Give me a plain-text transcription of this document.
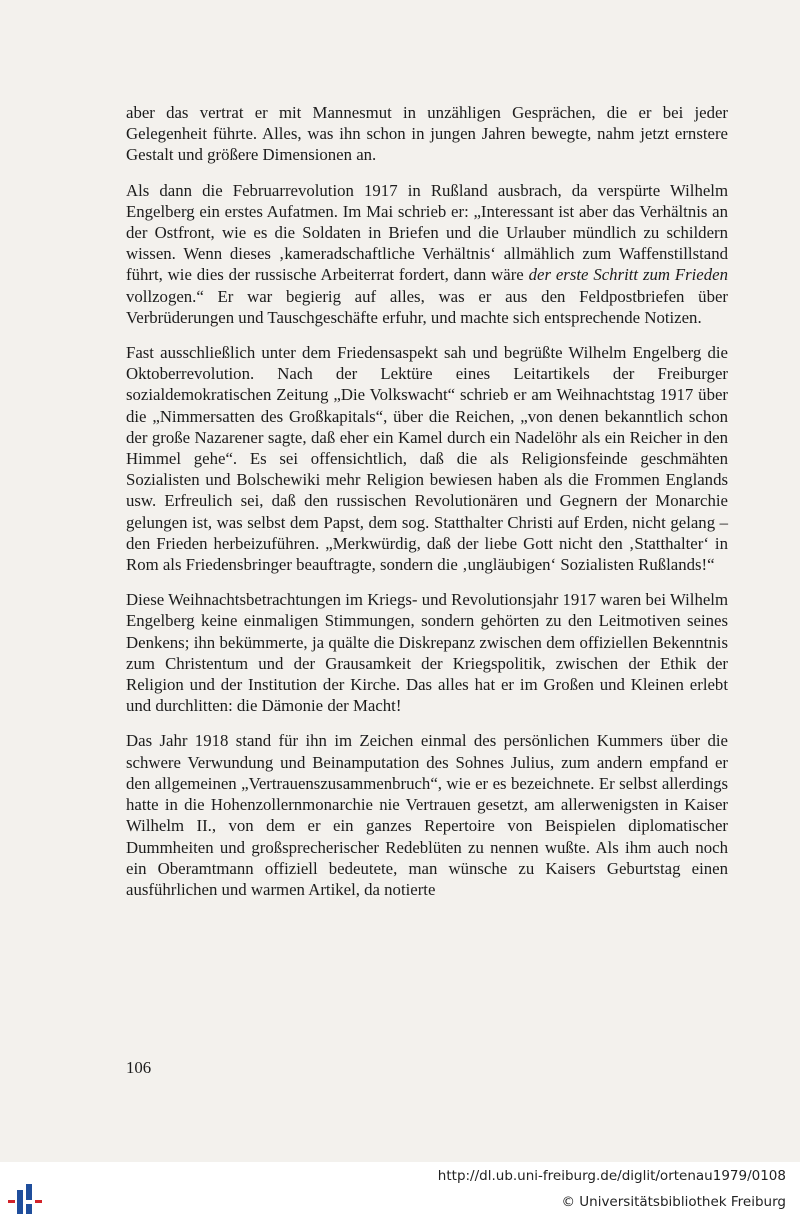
aber das vertrat er mit Mannesmut in unzähligen Gesprächen, die er bei jeder Gelegenheit führte. Alles, was ihn schon in jungen Jahren bewegte, nahm jetzt ernstere Gestalt und größere Dimensionen an.

Als dann die Februarrevolution 1917 in Rußland ausbrach, da verspürte Wilhelm Engelberg ein erstes Aufatmen. Im Mai schrieb er: „Interessant ist aber das Verhältnis an der Ostfront, wie es die Soldaten in Briefen und die Urlauber mündlich zu schildern wissen. Wenn dieses ‚kameradschaftliche Verhältnis‘ allmählich zum Waffenstillstand führt, wie dies der russische Arbeiterrat fordert, dann wäre der erste Schritt zum Frieden vollzogen.“ Er war begierig auf alles, was er aus den Feldpostbriefen über Verbrüderungen und Tauschgeschäfte erfuhr, und machte sich entsprechende Notizen.

Fast ausschließlich unter dem Friedensaspekt sah und begrüßte Wilhelm Engelberg die Oktoberrevolution. Nach der Lektüre eines Leitartikels der Freiburger sozialdemokratischen Zeitung „Die Volkswacht“ schrieb er am Weihnachtstag 1917 über die „Nimmersatten des Großkapitals“, über die Reichen, „von denen bekanntlich schon der große Nazarener sagte, daß eher ein Kamel durch ein Nadelöhr als ein Reicher in den Himmel gehe“. Es sei offensichtlich, daß die als Religionsfeinde geschmähten Sozialisten und Bolschewiki mehr Religion bewiesen haben als die Frommen Englands usw. Erfreulich sei, daß den russischen Revolutionären und Gegnern der Monarchie gelungen ist, was selbst dem Papst, dem sog. Statthalter Christi auf Erden, nicht gelang – den Frieden herbeizuführen. „Merkwürdig, daß der liebe Gott nicht den ‚Statthalter‘ in Rom als Friedensbringer beauftragte, sondern die ‚ungläubigen‘ Sozialisten Rußlands!“

Diese Weihnachtsbetrachtungen im Kriegs- und Revolutionsjahr 1917 waren bei Wilhelm Engelberg keine einmaligen Stimmungen, sondern gehörten zu den Leitmotiven seines Denkens; ihn bekümmerte, ja quälte die Diskrepanz zwischen dem offiziellen Bekenntnis zum Christentum und der Grausamkeit der Kriegspolitik, zwischen der Ethik der Religion und der Institution der Kirche. Das alles hat er im Großen und Kleinen erlebt und durchlitten: die Dämonie der Macht!

Das Jahr 1918 stand für ihn im Zeichen einmal des persönlichen Kummers über die schwere Verwundung und Beinamputation des Sohnes Julius, zum andern empfand er den allgemeinen „Vertrauenszusammenbruch“, wie er es bezeichnete. Er selbst allerdings hatte in die Hohenzollernmonarchie nie Vertrauen gesetzt, am allerwenigsten in Kaiser Wilhelm II., von dem er ein ganzes Repertoire von Beispielen diplomatischer Dummheiten und großsprecherischer Redeblüten zu nennen wußte. Als ihm auch noch ein Oberamtmann offiziell bedeutete, man wünsche zu Kaisers Geburtstag einen ausführlichen und warmen Artikel, da notierte

106
http://dl.ub.uni-freiburg.de/diglit/ortenau1979/0108
© Universitätsbibliothek Freiburg
